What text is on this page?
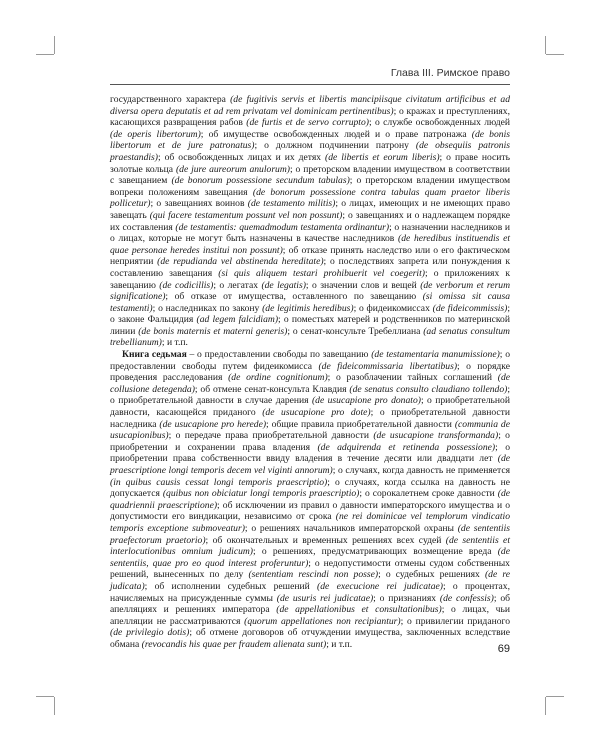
Глава III. Римское право

государственного характера (de fugitivis servis et libertis mancipiisque civitatum artificibus et ad diversa opera deputatis et ad rem privatam vel dominicam pertinentibus); о кражах и преступлениях, касающихся развращения рабов (de furtis et de servo corrupto); о службе освобожденных людей (de operis libertorum); об имуществе освобожденных людей и о праве патронажа (de bonis libertorum et de jure patronatus); о должном подчинении патрону (de obsequiis patronis praestandis); об освобожденных лицах и их детях (de libertis et eorum liberis); о праве носить золотые кольца (de jure aureorum anulorum); о преторском владении имуществом в соответствии с завещанием (de bonorum possessione secundum tabulas); о преторском владении имуществом вопреки положениям завещания (de bonorum possessione contra tabulas quam praetor liberis pollicetur); о завещаниях воинов (de testamento militis); о лицах, имеющих и не имеющих право завещать (qui facere testamentum possunt vel non possunt); о завещаниях и о надлежащем порядке их составления (de testamentis: quemadmodum testamenta ordinantur); о назначении наследников и о лицах, которые не могут быть назначены в качестве наследников (de heredibus instituendis et quae personae heredes institui non possunt); об отказе принять наследство или о его фактическом неприятии (de repudianda vel abstinenda hereditate); о последствиях запрета или понуждения к составлению завещания (si quis aliquem testari prohibuerit vel coegerit); о приложениях к завещанию (de codicillis); о легатах (de legatis); о значении слов и вещей (de verborum et rerum significatione); об отказе от имущества, оставленного по завещанию (si omissa sit causa testamenti); о наследниках по закону (de legitimis heredibus); о фидеикомиссах (de fideicommissis); о законе Фальцидия (ad legem falcidiam); о поместьях матерей и родственников по материнской линии (de bonis maternis et materni generis); о сенат-консульте Требеллиана (ad senatus consultum trebellianum); и т.п.

Книга седьмая – о предоставлении свободы по завещанию (de testamentaria manumissione); о предоставлении свободы путем фидеикомисса (de fideicommissaria libertatibus); о порядке проведения расследования (de ordine cognitionum); о разоблачении тайных соглашений (de collusione detegenda); об отмене сенат-консульта Клавдия (de senatus consulto claudiano tollendo); о приобретательной давности в случае дарения (de usucapione pro donato); о приобретательной давности, касающейся приданого (de usucapione pro dote); о приобретательной давности наследника (de usucapione pro herede); общие правила приобретательной давности (communia de usucapionibus); о передаче права приобретательной давности (de usucapione transformanda); о приобретении и сохранении права владения (de adquirenda et retinenda possessione); о приобретении права собственности ввиду владения в течение десяти или двадцати лет (de praescriptione longi temporis decem vel viginti annorum); о случаях, когда давность не применяется (in quibus causis cessat longi temporis praescriptio); о случаях, когда ссылка на давность не допускается (quibus non obiciatur longi temporis praescriptio); о сорокалетнем сроке давности (de quadriennii praescriptione); об исключении из правил о давности императорского имущества и о допустимости его виндикации, независимо от срока (ne rei dominicae vel templorum vindicatio temporis exceptione submoveatur); о решениях начальников императорской охраны (de sententiis praefectorum praetorio); об окончательных и временных решениях всех судей (de sententiis et interlocutionibus omnium judicum); о решениях, предусматривающих возмещение вреда (de sententiis, quae pro eo quod interest proferuntur); о недопустимости отмены судом собственных решений, вынесенных по делу (sententiam rescindi non posse); о судебных решениях (de re judicata); об исполнении судебных решений (de execucione rei judicatae); о процентах, начисляемых на присужденные суммы (de usuris rei judicatae); о признаниях (de confessis); об апелляциях и решениях императора (de appellationibus et consultationibus); о лицах, чьи апелляции не рассматриваются (quorum appellationes non recipiantur); о привилегии приданого (de privilegio dotis); об отмене договоров об отчуждении имущества, заключенных вследствие обмана (revocandis his quae per fraudem alienata sunt); и т.п.	69
